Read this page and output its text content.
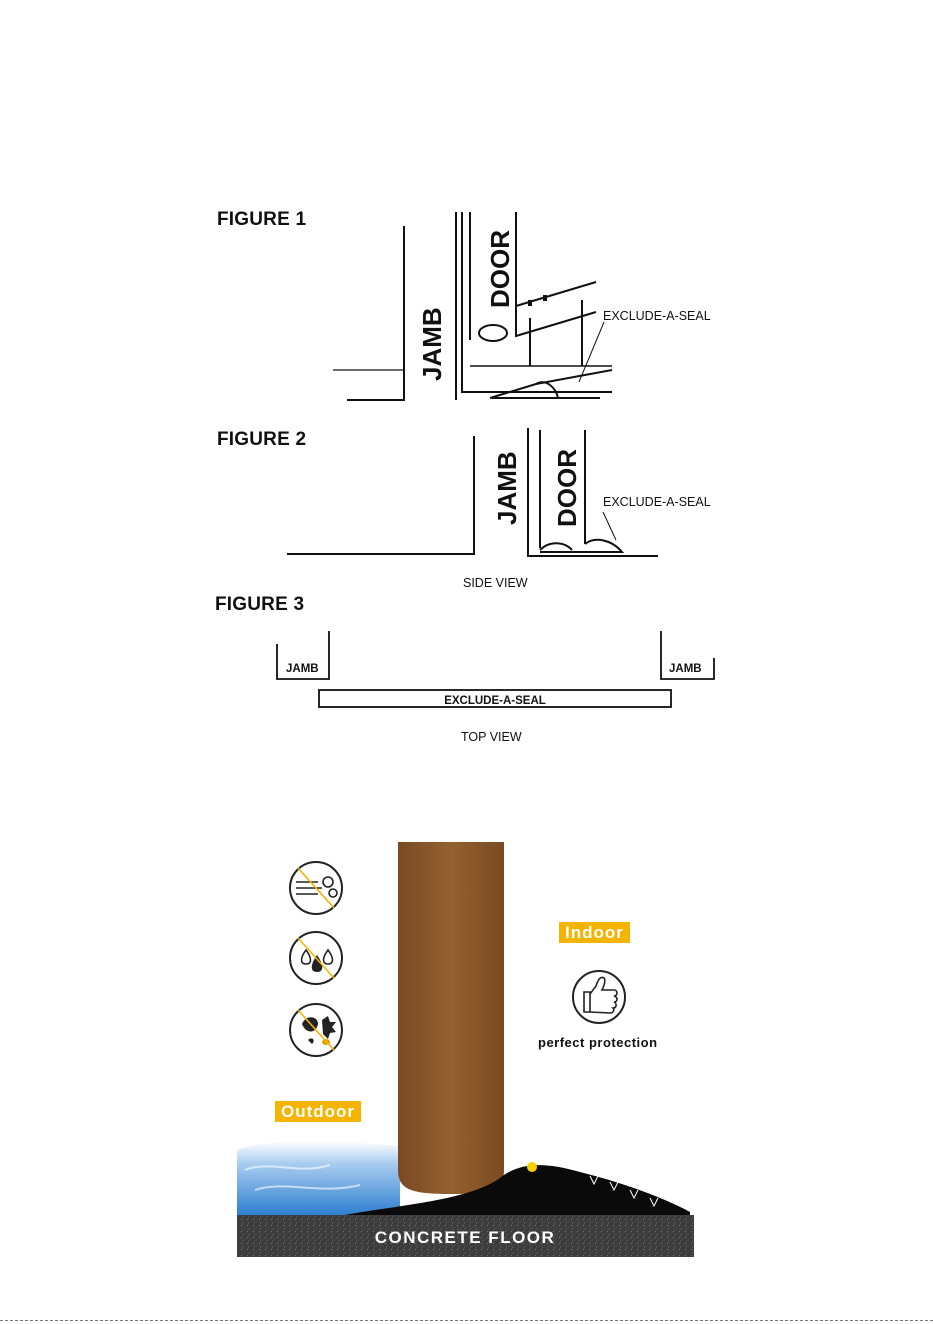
FIGURE 1
JAMB
DOOR
EXCLUDE-A-SEAL
FIGURE 2
JAMB DOOR EXCLUDE-A-SEAL
SIDE VIEW
FIGURE 3
JAMB	JAMB
EXCLUDE-A-SEAL
TOP VIEW
CONCRETE FLOOR
Indoor
Outdoor
perfect protection
